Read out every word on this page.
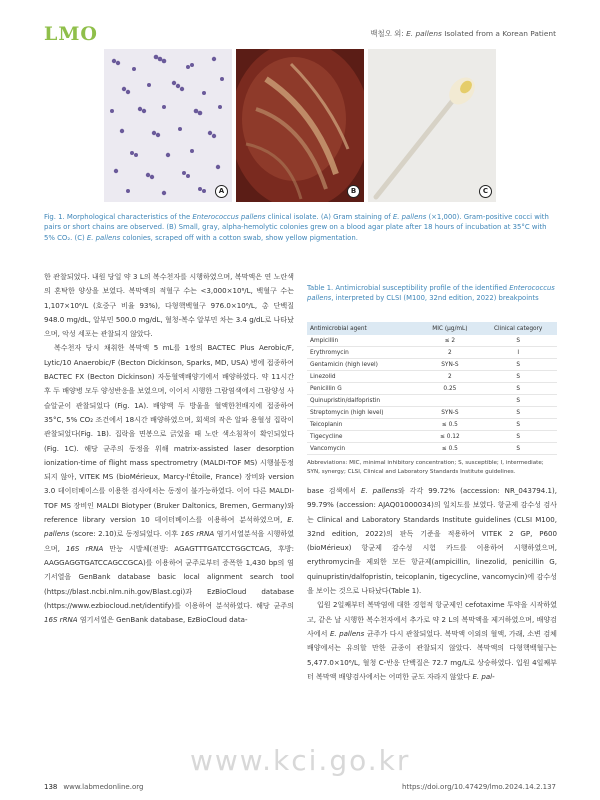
LMO	백철오 외: E. pallens Isolated from a Korean Patient
A	B	C
Fig. 1. Morphological characteristics of the Enterococcus pallens clinical isolate. (A) Gram staining of E. pallens (×1,000). Gram-positive cocci with pairs or short chains are observed. (B) Small, gray, alpha-hemolytic colonies grew on a blood agar plate after 18 hours of incubation at 35°C with 5% CO₂. (C) E. pallens colonies, scraped off with a cotton swab, show yellow pigmentation.

한 관찰되었다. 내원 당일 약 3 L의 복수천자를 시행하였으며, 복막액은 연 노란색의 혼탁한 양상을 보였다. 복막액의 적혈구 수는 <3,000×10⁶/L, 백혈구 수는 1,107×10⁶/L (호중구 비율 93%), 다형핵백혈구 976.0×10⁶/L, 총 단백질 948.0 mg/dL, 알부민 500.0 mg/dL, 혈청-복수 알부민 차는 3.4 g/dL로 나타났으며, 악성 세포는 관찰되지 않았다.

복수천자 당시 채취한 복막액 5 mL를 1쌍의 BACTEC Plus Aerobic/F, Lytic/10 Anaerobic/F (Becton Dickinson, Sparks, MD, USA) 병에 접종하여 BACTEC FX (Becton Dickinson) 자동혈액배양기에서 배양하였다. 약 11시간 후 두 배양병 모두 양성반응을 보였으며, 이어서 시행한 그람염색에서 그람양성 사슬알균이 관찰되었다 (Fig. 1A). 배양액 두 방울을 혈액한천배지에 접종하여 35°C, 5% CO₂ 조건에서 18시간 배양하였으며, 회색의 작은 알파 용혈성 집락이 관찰되었다(Fig. 1B). 집락을 면봉으로 긁었을 때 노란 색소침착이 확인되었다 (Fig. 1C). 해당 균주의 동정을 위해 matrix-assisted laser desorption ionization-time of flight mass spectrometry (MALDI-TOF MS) 시행불동정되지 않아, VITEK MS (bioMérieux, Marcy-l'Étoile, France) 장비와 version 3.0 데이터베이스를 이용한 검사에서는 동정이 불가능하였다. 이어 다른 MALDI-TOF MS 장비인 MALDI Biotyper (Bruker Daltonics, Bremen, Germany)와 reference library version 10 데이터베이스를 이용하여 분석하였으며, E. pallens (score: 2.10)로 동정되었다. 이후 16S rRNA 염기서열분석을 시행하였으며, 16S rRNA 만능 시발체(전방: AGAGTTTGATCCTGGCTCAG, 후방: AAGGAGGTGATCCAGCCGCA)를 이용하여 균주로부터 증폭한 1,430 bp의 염기서열을 GenBank database basic local alignment search tool (https://blast.ncbi.nlm.nih.gov/Blast.cgi)과 EzBioCloud database (https://www.ezbiocloud.net/identify)를 이용하여 분석하였다. 해당 균주의 16S rRNA 염기서열은 GenBank database, EzBioCloud data-

Table 1. Antimicrobial susceptibility profile of the identified Enterococcus pallens, interpreted by CLSI (M100, 32nd edition, 2022) breakpoints
Antimicrobial agent	MIC (μg/mL)	Clinical category
Ampicillin	≤ 2	S
Erythromycin	2	I
Gentamicin (high level)	SYN-S	S
Linezolid	2	S
Penicillin G	0.25	S
Quinupristin/dalfopristin		S
Streptomycin (high level)	SYN-S	S
Teicoplanin	≤ 0.5	S
Tigecycline	≤ 0.12	S
Vancomycin	≤ 0.5	S
Abbreviations: MIC, minimal inhibitory concentration; S, susceptible; I, intermediate; SYN, synergy; CLSI, Clinical and Laboratory Standards Institute guidelines.

base 검색에서 E. pallens와 각각 99.72% (accession: NR_043794.1), 99.79% (accession: AJAQ01000034)의 일치도를 보였다. 항균제 감수성 검사는 Clinical and Laboratory Standards Institute guidelines (CLSI M100, 32nd edition, 2022)의 판독 기준을 적용하여 VITEK 2 GP, P600 (bioMérieux) 항균제 감수성 시험 카드를 이용하여 시행하였으며, erythromycin을 제외한 모든 항균제(ampicillin, linezolid, penicillin G, quinupristin/dalfopristin, teicoplanin, tigecycline, vancomycin)에 감수성을 보이는 것으로 나타났다(Table 1).

입원 2일째부터 복막염에 대한 경험적 항균제인 cefotaxime 투약을 시작하였고, 같은 날 시행한 복수천자에서 추가로 약 2 L의 복막액을 제거하였으며, 배양검사에서 E. pallens 균주가 다시 관찰되었다. 복막액 이외의 혈액, 가래, 소변 검체 배양에서는 유의할 만한 균종이 관찰되지 않았다. 복막액의 다형핵백혈구는 5,477.0×10⁶/L, 혈청 C-반응 단백질은 72.7 mg/L로 상승하였다. 입원 4일째부터 복막액 배양검사에서는 어떠한 균도 자라지 않았다 E. pal-

www.kci.go.kr
138 www.labmedonline.org	https://doi.org/10.47429/lmo.2024.14.2.137
